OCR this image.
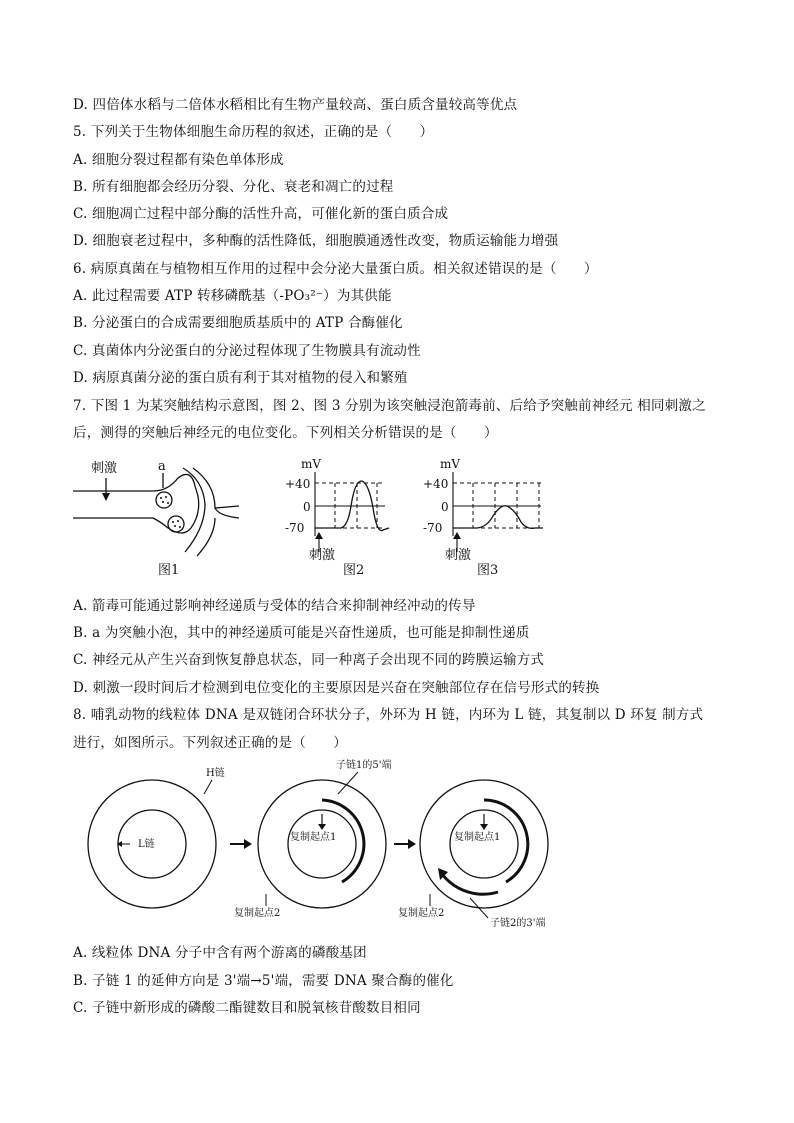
D. 四倍体水稻与二倍体水稻相比有生物产量较高、蛋白质含量较高等优点
5. 下列关于生物体细胞生命历程的叙述，正确的是（　　）
A. 细胞分裂过程都有染色单体形成
B. 所有细胞都会经历分裂、分化、衰老和凋亡的过程
C. 细胞凋亡过程中部分酶的活性升高，可催化新的蛋白质合成
D. 细胞衰老过程中，多种酶的活性降低，细胞膜通透性改变，物质运输能力增强
6. 病原真菌在与植物相互作用的过程中会分泌大量蛋白质。相关叙述错误的是（　　）
A. 此过程需要 ATP 转移磷酰基（-PO₃²⁻）为其供能
B. 分泌蛋白的合成需要细胞质基质中的 ATP 合酶催化
C. 真菌体内分泌蛋白的分泌过程体现了生物膜具有流动性
D. 病原真菌分泌的蛋白质有利于其对植物的侵入和繁殖
7. 下图 1 为某突触结构示意图，图 2、图 3 分别为该突触浸泡箭毒前、后给予突触前神经元 相同刺激之
后，测得的突触后神经元的电位变化。下列相关分析错误的是（　　）
刺激	a
图1
mV
+40
0
-70
刺激
图2
mV
+40
0
-70
刺激
图3
A. 箭毒可能通过影响神经递质与受体的结合来抑制神经冲动的传导
B. a 为突触小泡，其中的神经递质可能是兴奋性递质，也可能是抑制性递质
C. 神经元从产生兴奋到恢复静息状态，同一种离子会出现不同的跨膜运输方式
D. 刺激一段时间后才检测到电位变化的主要原因是兴奋在突触部位存在信号形式的转换
8. 哺乳动物的线粒体 DNA 是双链闭合环状分子，外环为 H 链，内环为 L 链，其复制以 D 环复 制方式
进行，如图所示。下列叙述正确的是（　　）
H链
L链
子链1的5'端
复制起点1
复制起点2
复制起点1
复制起点2
子链2的3'端
A. 线粒体 DNA 分子中含有两个游离的磷酸基团
B. 子链 1 的延伸方向是 3'端→5'端，需要 DNA 聚合酶的催化
C. 子链中新形成的磷酸二酯键数目和脱氧核苷酸数目相同
